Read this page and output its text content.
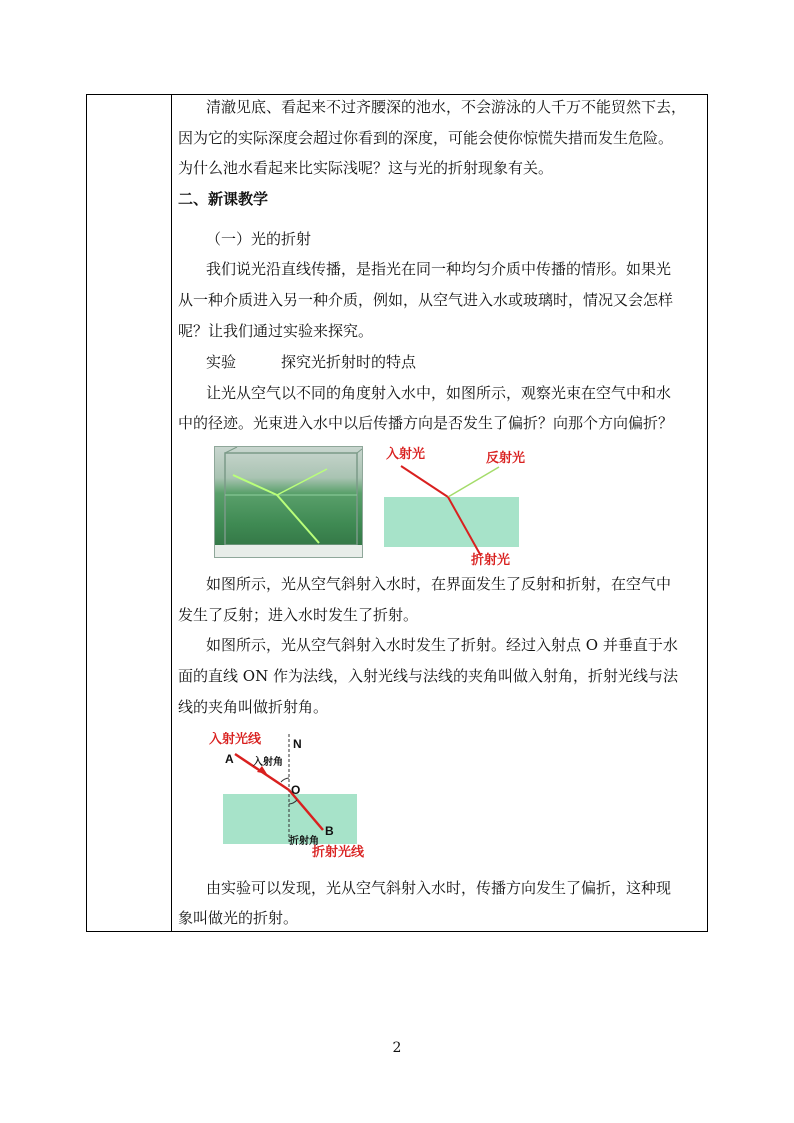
清澈见底、看起来不过齐腰深的池水，不会游泳的人千万不能贸然下去，
因为它的实际深度会超过你看到的深度，可能会使你惊慌失措而发生危险。
为什么池水看起来比实际浅呢？这与光的折射现象有关。
二、新课教学
（一）光的折射
我们说光沿直线传播，是指光在同一种均匀介质中传播的情形。如果光
从一种介质进入另一种介质，例如，从空气进入水或玻璃时，情况又会怎样
呢？让我们通过实验来探究。
实验	探究光折射时的特点
让光从空气以不同的角度射入水中，如图所示，观察光束在空气中和水
中的径迹。光束进入水中以后传播方向是否发生了偏折？向那个方向偏折？
如图所示，光从空气斜射入水时，在界面发生了反射和折射，在空气中
发生了反射；进入水时发生了折射。
如图所示，光从空气斜射入水时发生了折射。经过入射点 O 并垂直于水
面的直线 ON 作为法线，入射光线与法线的夹角叫做入射角，折射光线与法
线的夹角叫做折射角。
由实验可以发现，光从空气斜射入水时，传播方向发生了偏折，这种现
象叫做光的折射。
入射光	反射光
折射光
入射光线	N
A 入射角
O
折射角
B
折射光线
2
